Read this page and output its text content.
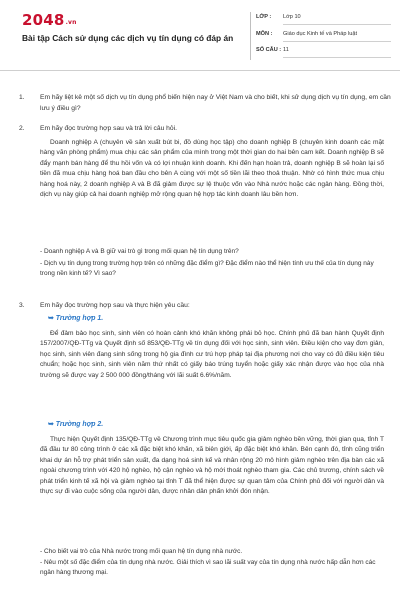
2048.vn
Bài tập Cách sử dụng các dịch vụ tín dụng có đáp án
LỚP : Lớp 10
MÔN : Giáo dục Kinh tế và Pháp luật
SỐ CÂU : 11
1. Em hãy liệt kê một số dịch vụ tín dụng phổ biến hiện nay ở Việt Nam và cho biết, khi sử dụng dịch vụ tín dụng, em cần lưu ý điều gì?
2. Em hãy đọc trường hợp sau và trả lời câu hỏi.
Doanh nghiệp A (chuyên về sản xuất bút bi, đồ dùng học tập) cho doanh nghiệp B (chuyên kinh doanh các mặt hàng văn phòng phẩm) mua chịu các sản phẩm của mình trong một thời gian do hai bên cam kết. Doanh nghiệp B sẽ đẩy mạnh bán hàng để thu hồi vốn và có lợi nhuận kinh doanh. Khi đến hạn hoàn trả, doanh nghiệp B sẽ hoàn lại số tiền đã mua chịu hàng hoá ban đầu cho bên A cùng với một số tiền lãi theo thoả thuận. Nhờ có hình thức mua chịu hàng hoá này, 2 doanh nghiệp A và B đã giảm được sự lệ thuộc vốn vào Nhà nước hoặc các ngân hàng. Đồng thời, dịch vụ này giúp cả hai doanh nghiệp mở rộng quan hệ hợp tác kinh doanh lâu bền hơn.
- Doanh nghiệp A và B giữ vai trò gì trong mối quan hệ tín dụng trên?
- Dịch vụ tín dụng trong trường hợp trên có những đặc điểm gì? Đặc điểm nào thể hiện tính ưu thế của tín dụng này trong nền kinh tế? Vì sao?
3. Em hãy đọc trường hợp sau và thực hiện yêu cầu:
➥ Trường hợp 1.
Để đảm bảo học sinh, sinh viên có hoàn cảnh khó khăn không phải bỏ học. Chính phủ đã ban hành Quyết định 157/2007/QĐ-TTg và Quyết định số 853/QĐ-TTg về tín dụng đối với học sinh, sinh viên. Điều kiện cho vay đơn giản, học sinh, sinh viên đang sinh sống trong hộ gia đình cư trú hợp pháp tại địa phương nơi cho vay có đủ điều kiện tiêu chuẩn; hoặc học sinh, sinh viên năm thứ nhất có giấy báo trúng tuyển hoặc giấy xác nhận được vào học của nhà trường sẽ được vay 2 500 000 đồng/tháng với lãi suất 6.6%/năm.
➥ Trường hợp 2.
Thực hiện Quyết định 135/QĐ-TTg về Chương trình mục tiêu quốc gia giảm nghèo bền vững, thời gian qua, tỉnh T đã đầu tư 80 công trình ở các xã đặc biệt khó khăn, xã biên giới, ấp đặc biệt khó khăn. Bên cạnh đó, tỉnh cũng triển khai dự án hỗ trợ phát triển sản xuất, đa dạng hoá sinh kế và nhân rộng 20 mô hình giảm nghèo trên địa bàn các xã ngoài chương trình với 420 hộ nghèo, hộ cận nghèo và hộ mới thoát nghèo tham gia. Các chủ trương, chính sách về phát triển kinh tế xã hội và giảm nghèo tại tỉnh T đã thể hiện được sự quan tâm của Chính phủ đối với người dân và thực sự đi vào cuộc sống của người dân, được nhân dân phấn khởi đón nhận.
- Cho biết vai trò của Nhà nước trong mối quan hệ tín dụng nhà nước.
- Nêu một số đặc điểm của tín dụng nhà nước. Giải thích vì sao lãi suất vay của tín dụng nhà nước hấp dẫn hơn các ngân hàng thương mại.
